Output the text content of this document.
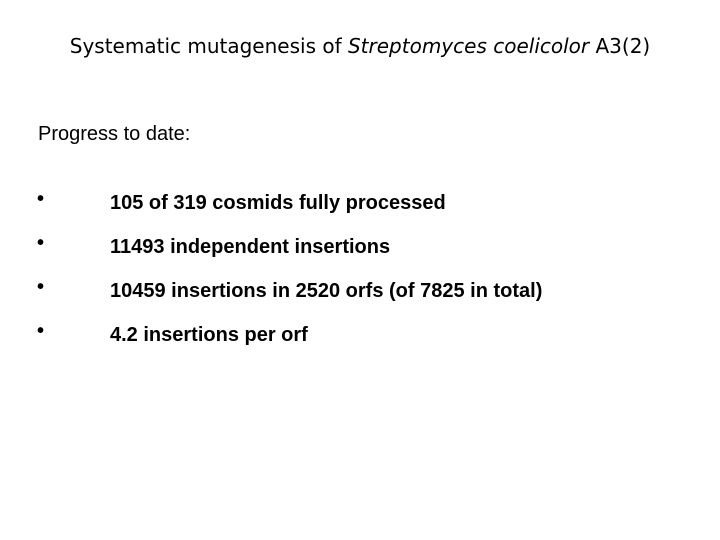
Systematic mutagenesis of Streptomyces coelicolor A3(2)
Progress to date:
•	105 of 319 cosmids fully processed
•	11493 independent insertions
•	10459 insertions in 2520 orfs (of 7825 in total)
•	4.2 insertions per orf
